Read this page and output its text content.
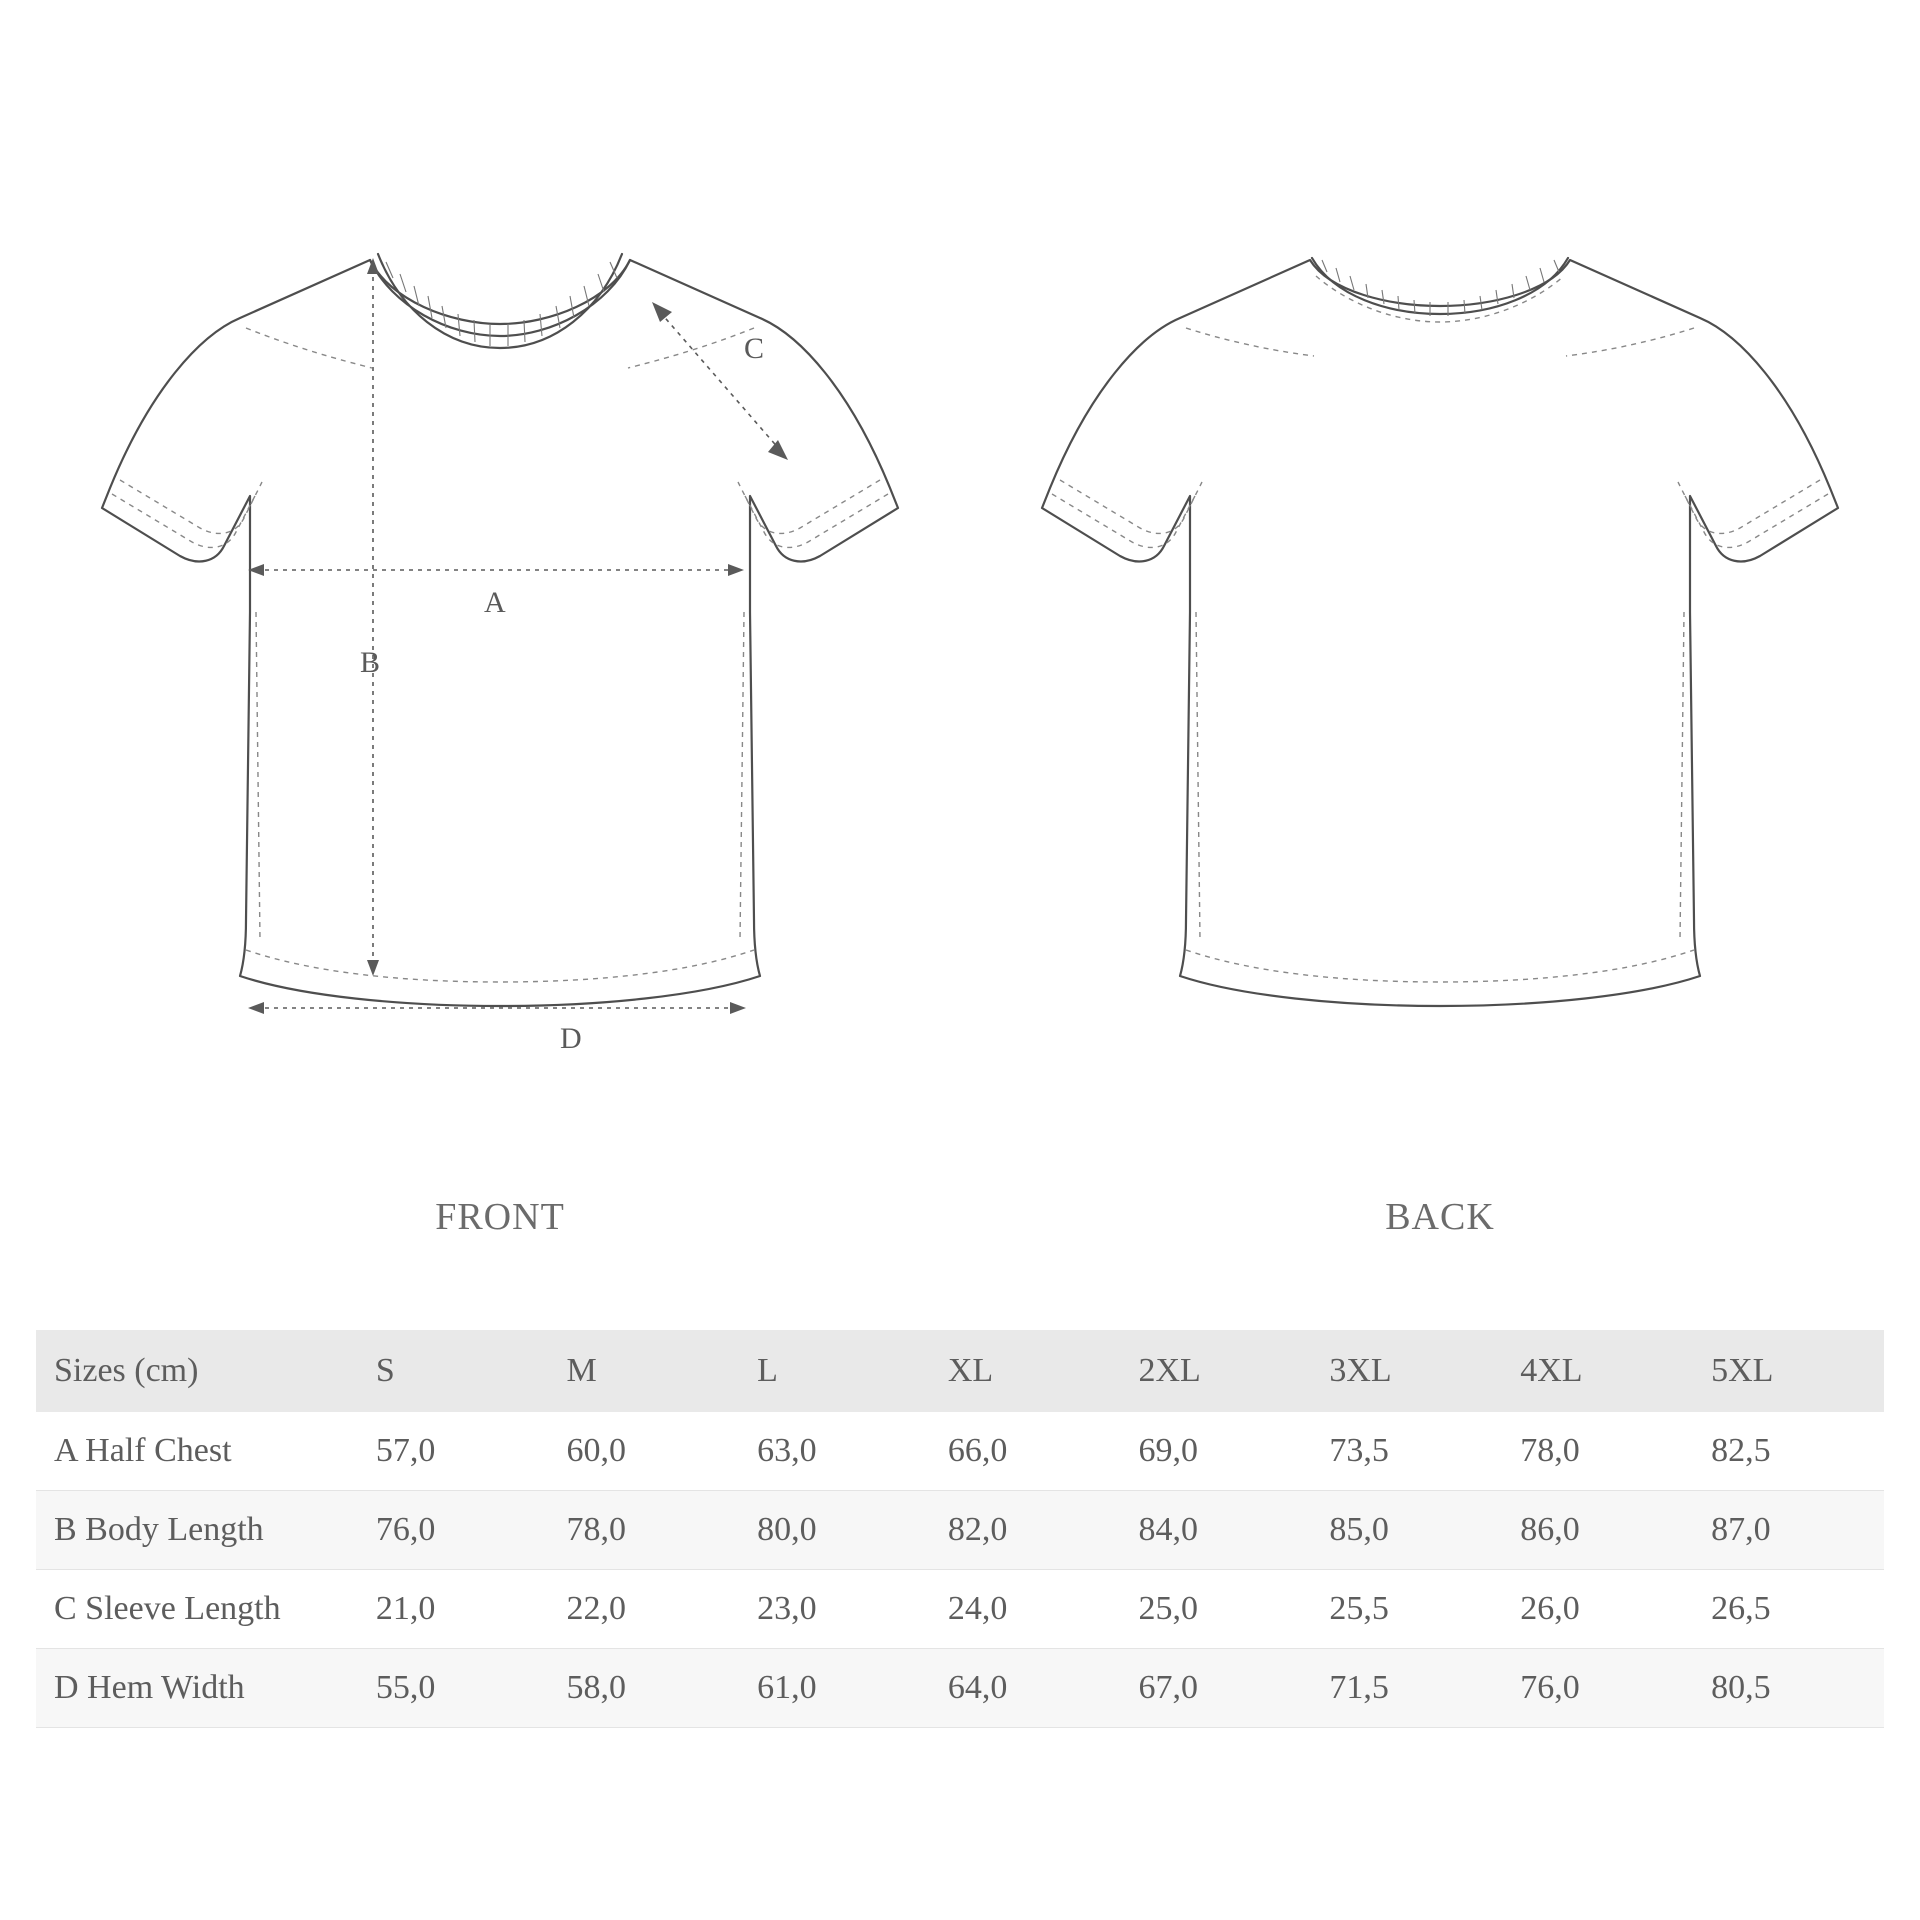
A
B
C
D
FRONT	BACK
Sizes (cm)	S	M	L	XL	2XL	3XL	4XL	5XL
A Half Chest	57,0	60,0	63,0	66,0	69,0	73,5	78,0	82,5
B Body Length	76,0	78,0	80,0	82,0	84,0	85,0	86,0	87,0
C Sleeve Length	21,0	22,0	23,0	24,0	25,0	25,5	26,0	26,5
D Hem Width	55,0	58,0	61,0	64,0	67,0	71,5	76,0	80,5
